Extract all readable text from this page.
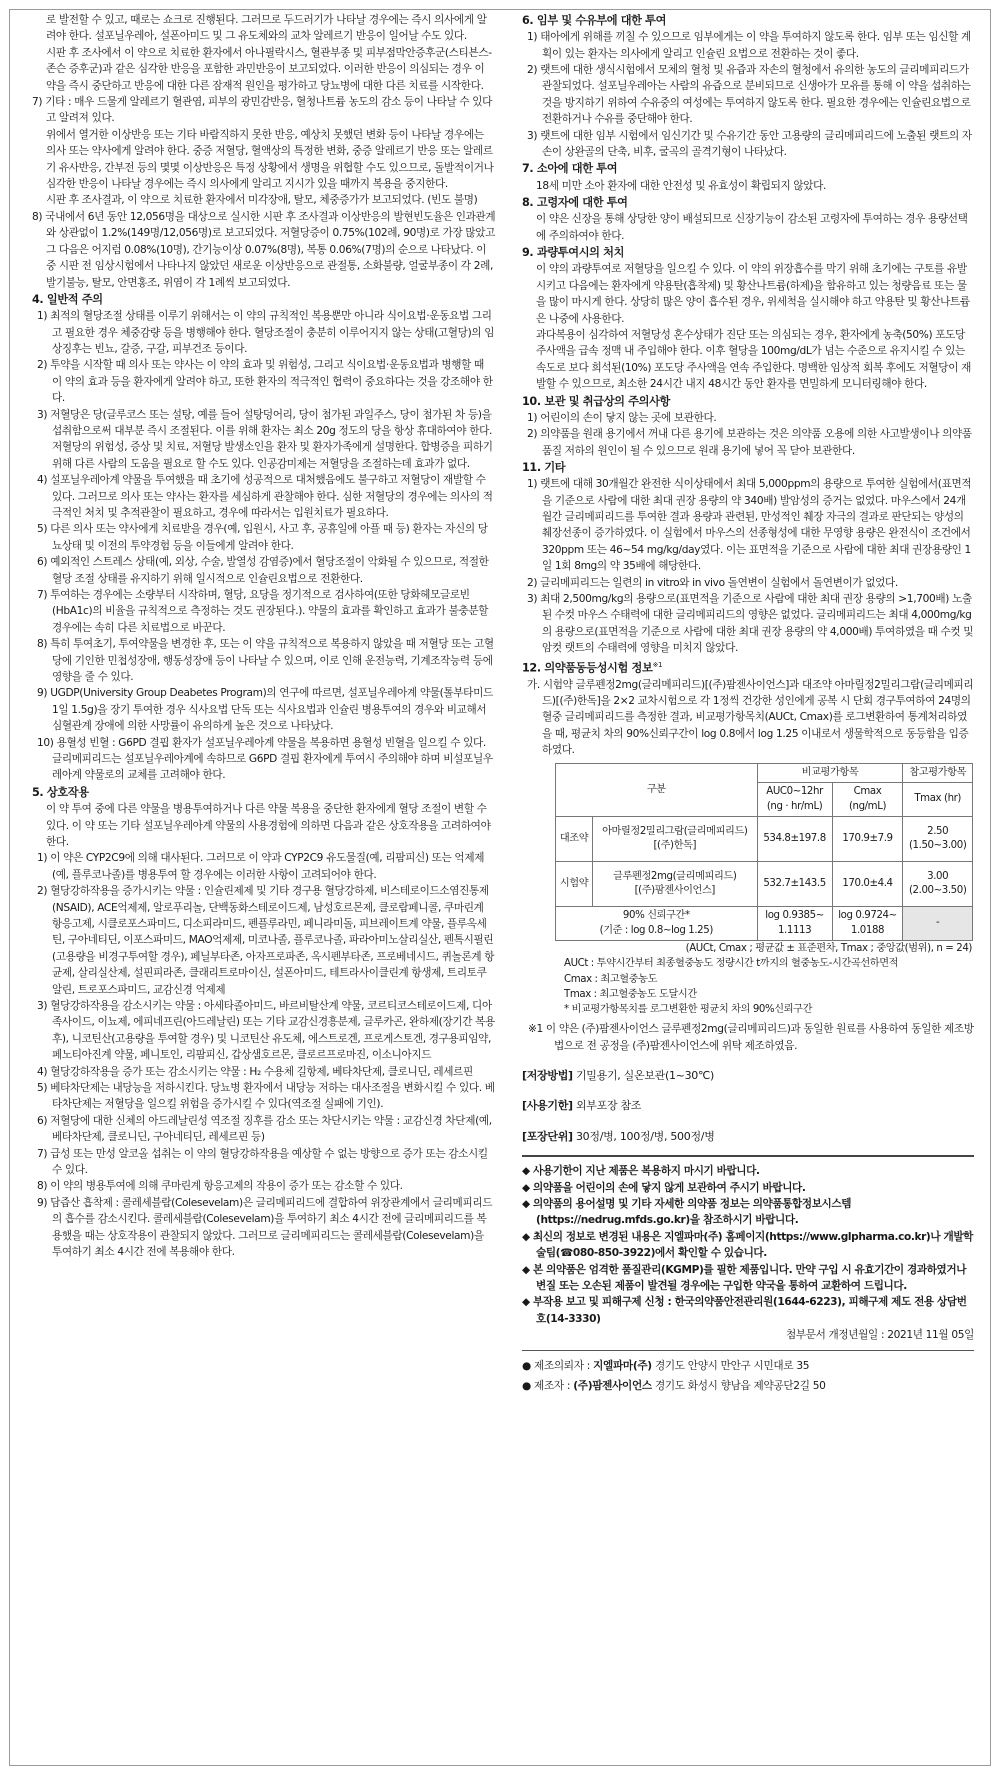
로 발전할 수 있고, 때로는 쇼크로 진행된다. 그러므로 두드러기가 나타날 경우에는 즉시 의사에게 알려야 한다. 설포닐우레아, 설폰아미드 및 그 유도체와의 교차 알레르기 반응이 일어날 수도 있다.

시판 후 조사에서 이 약으로 치료한 환자에서 아나필락시스, 혈관부종 및 피부점막안증후군(스티븐스-존슨 증후군)과 같은 심각한 반응을 포함한 과민반응이 보고되었다. 이러한 반응이 의심되는 경우 이 약을 즉시 중단하고 반응에 대한 다른 잠재적 원인을 평가하고 당뇨병에 대한 다른 치료를 시작한다.

7) 기타 : 매우 드물게 알레르기 혈관염, 피부의 광민감반응, 혈청나트륨 농도의 감소 등이 나타날 수 있다고 알려져 있다.

위에서 열거한 이상반응 또는 기타 바람직하지 못한 반응, 예상치 못했던 변화 등이 나타날 경우에는 의사 또는 약사에게 알려야 한다. 중증 저혈당, 혈액상의 특정한 변화, 중증 알레르기 반응 또는 알레르기 유사반응, 간부전 등의 몇몇 이상반응은 특정 상황에서 생명을 위협할 수도 있으므로, 돌발적이거나 심각한 반응이 나타날 경우에는 즉시 의사에게 알리고 지시가 있을 때까지 복용을 중지한다.

시판 후 조사결과, 이 약으로 치료한 환자에서 미각장애, 탈모, 체중증가가 보고되었다. (빈도 불명)

8) 국내에서 6년 동안 12,056명을 대상으로 실시한 시판 후 조사결과 이상반응의 발현빈도율은 인과관계와 상관없이 1.2%(149명/12,056명)로 보고되었다. 저혈당증이 0.75%(102례, 90명)로 가장 많았고 그 다음은 어지럼 0.08%(10명), 간기능이상 0.07%(8명), 복통 0.06%(7명)의 순으로 나타났다. 이중 시판 전 임상시험에서 나타나지 않았던 새로운 이상반응으로 관절통, 소화불량, 얼굴부종이 각 2례, 발기불능, 탈모, 안면홍조, 위염이 각 1례씩 보고되었다.

4. 일반적 주의

1) 최적의 혈당조절 상태를 이루기 위해서는 이 약의 규칙적인 복용뿐만 아니라 식이요법·운동요법 그리고 필요한 경우 체중감량 등을 병행해야 한다. 혈당조절이 충분히 이루어지지 않는 상태(고혈당)의 임상징후는 빈뇨, 갈증, 구갈, 피부건조 등이다.

2) 투약을 시작할 때 의사 또는 약사는 이 약의 효과 및 위험성, 그리고 식이요법·운동요법과 병행할 때 이 약의 효과 등을 환자에게 알려야 하고, 또한 환자의 적극적인 협력이 중요하다는 것을 강조해야 한다.

3) 저혈당은 당(글루코스 또는 설탕, 예를 들어 설탕덩어리, 당이 첨가된 과일주스, 당이 첨가된 차 등)을 섭취함으로써 대부분 즉시 조절된다. 이를 위해 환자는 최소 20g 정도의 당을 항상 휴대하여야 한다. 저혈당의 위험성, 증상 및 치료, 저혈당 발생소인을 환자 및 환자가족에게 설명한다. 합병증을 피하기 위해 다른 사람의 도움을 필요로 할 수도 있다. 인공감미제는 저혈당을 조절하는데 효과가 없다.

4) 설포닐우레아계 약물을 투여했을 때 초기에 성공적으로 대처했음에도 불구하고 저혈당이 재발할 수 있다. 그러므로 의사 또는 약사는 환자를 세심하게 관찰해야 한다. 심한 저혈당의 경우에는 의사의 적극적인 처치 및 추적관찰이 필요하고, 경우에 따라서는 입원치료가 필요하다.

5) 다른 의사 또는 약사에게 치료받을 경우(예, 입원시, 사고 후, 공휴일에 아플 때 등) 환자는 자신의 당뇨상태 및 이전의 투약경험 등을 이들에게 알려야 한다.

6) 예외적인 스트레스 상태(예, 외상, 수술, 발열성 감염증)에서 혈당조절이 악화될 수 있으므로, 적절한 혈당 조절 상태를 유지하기 위해 일시적으로 인슐린요법으로 전환한다.

7) 투여하는 경우에는 소량부터 시작하며, 혈당, 요당을 정기적으로 검사하여(또한 당화헤모글로빈(HbA1c)의 비율을 규칙적으로 측정하는 것도 권장된다.). 약물의 효과를 확인하고 효과가 불충분할 경우에는 속히 다른 치료법으로 바꾼다.

8) 특히 투여초기, 투여약물을 변경한 후, 또는 이 약을 규칙적으로 복용하지 않았을 때 저혈당 또는 고혈당에 기인한 민첩성장애, 행동성장애 등이 나타날 수 있으며, 이로 인해 운전능력, 기계조작능력 등에 영향을 줄 수 있다.

9) UGDP(University Group Deabetes Program)의 연구에 따르면, 설포닐우레아계 약물(톨부타미드 1일 1.5g)을 장기 투여한 경우 식사요법 단독 또는 식사요법과 인슐린 병용투여의 경우와 비교해서 심혈관계 장애에 의한 사망률이 유의하게 높은 것으로 나타났다.

10) 용혈성 빈혈 : G6PD 결핍 환자가 설포닐우레아계 약물을 복용하면 용혈성 빈혈을 일으킬 수 있다. 글리메피리드는 설포닐우레아계에 속하므로 G6PD 결핍 환자에게 투여시 주의해야 하며 비설포닐우레아계 약물로의 교체를 고려해야 한다.

5. 상호작용

이 약 투여 중에 다른 약물을 병용투여하거나 다른 약물 복용을 중단한 환자에게 혈당 조절이 변할 수 있다. 이 약 또는 기타 설포닐우레아계 약물의 사용경험에 의하면 다음과 같은 상호작용을 고려하여야 한다.

1) 이 약은 CYP2C9에 의해 대사된다. 그러므로 이 약과 CYP2C9 유도물질(예, 리팜피신) 또는 억제제(예, 플루코나졸)를 병용투여 할 경우에는 이러한 사항이 고려되어야 한다.

2) 혈당강하작용을 증가시키는 약물 : 인슐린제제 및 기타 경구용 혈당강하제, 비스테로이드소염진통제(NSAID), ACE억제제, 알로푸리놀, 단백동화스테로이드제, 남성호르몬제, 클로람페니콜, 쿠마린계 항응고제, 시클로포스파미드, 디소피라미드, 펜플루라민, 페니라미돌, 피브레이트계 약물, 플루옥세틴, 구아네티딘, 이포스파미드, MAO억제제, 미코나졸, 플루코나졸, 파라아미노살리실산, 펜톡시필린(고용량을 비경구투여할 경우), 페닐부타존, 아자프로파존, 옥시펜부타존, 프로베네시드, 퀴놀론계 항균제, 살리실산제, 설핀피라존, 클래리트로마이신, 설폰아미드, 테트라사이클린계 항생제, 트리토쿠알린, 트로포스파미드, 교감신경 억제제

3) 혈당강하작용을 감소시키는 약물 : 아세타졸아미드, 바르비탈산계 약물, 코르티코스테로이드제, 디아족사이드, 이뇨제, 에피네프린(아드레날린) 또는 기타 교감신경흥분제, 글루카곤, 완하제(장기간 복용후), 니코틴산(고용량을 투여할 경우) 및 니코틴산 유도체, 에스트로겐, 프로게스토겐, 경구용피임약, 페노티아진계 약물, 페니토인, 리팜피신, 갑상샘호르몬, 클로르프로마진, 이소니아지드

4) 혈당강하작용을 증가 또는 감소시키는 약물 : H₂ 수용체 길항제, 베타차단제, 클로니딘, 레세르핀

5) 베타차단제는 내당능을 저하시킨다. 당뇨병 환자에서 내당능 저하는 대사조절을 변화시킬 수 있다. 베타차단제는 저혈당을 일으킬 위험을 증가시킬 수 있다(역조절 실패에 기인).

6) 저혈당에 대한 신체의 아드레날린성 역조절 징후를 감소 또는 차단시키는 약물 : 교감신경 차단제(예, 베타차단제, 클로니딘, 구아네티딘, 레세르핀 등)

7) 급성 또는 만성 알코올 섭취는 이 약의 혈당강하작용을 예상할 수 없는 방향으로 증가 또는 감소시킬 수 있다.

8) 이 약의 병용투여에 의해 쿠마린계 항응고제의 작용이 증가 또는 감소할 수 있다.

9) 담즙산 흡착제 : 콜레세블람(Colesevelam)은 글리메피리드에 결합하여 위장관계에서 글리메피리드의 흡수를 감소시킨다. 콜레세블람(Colesevelam)을 투여하기 최소 4시간 전에 글리메피리드를 복용했을 때는 상호작용이 관찰되지 않았다. 그러므로 글리메피리드는 콜레세블람(Colesevelam)을 투여하기 최소 4시간 전에 복용해야 한다.

6. 임부 및 수유부에 대한 투여

1) 태아에게 위해를 끼칠 수 있으므로 임부에게는 이 약을 투여하지 않도록 한다. 임부 또는 임신할 계획이 있는 환자는 의사에게 알리고 인슐린 요법으로 전환하는 것이 좋다.

2) 랫트에 대한 생식시험에서 모체의 혈청 및 유즙과 자손의 혈청에서 유의한 농도의 글리메피리드가 관찰되었다. 설포닐우레아는 사람의 유즙으로 분비되므로 신생아가 모유를 통해 이 약을 섭취하는 것을 방지하기 위하여 수유중의 여성에는 투여하지 않도록 한다. 필요한 경우에는 인슐린요법으로 전환하거나 수유를 중단해야 한다.

3) 랫트에 대한 임부 시험에서 임신기간 및 수유기간 동안 고용량의 글리메피리드에 노출된 랫트의 자손이 상완골의 단축, 비후, 굴곡의 골격기형이 나타났다.

7. 소아에 대한 투여

18세 미만 소아 환자에 대한 안전성 및 유효성이 확립되지 않았다.

8. 고령자에 대한 투여

이 약은 신장을 통해 상당한 양이 배설되므로 신장기능이 감소된 고령자에 투여하는 경우 용량선택에 주의하여야 한다.

9. 과량투여시의 처치

이 약의 과량투여로 저혈당을 일으킬 수 있다. 이 약의 위장흡수를 막기 위해 초기에는 구토를 유발시키고 다음에는 환자에게 약용탄(흡착제) 및 황산나트륨(하제)을 함유하고 있는 청량음료 또는 물을 많이 마시게 한다. 상당히 많은 양이 흡수된 경우, 위세척을 실시해야 하고 약용탄 및 황산나트륨은 나중에 사용한다.

과다복용이 심각하여 저혈당성 혼수상태가 진단 또는 의심되는 경우, 환자에게 농축(50%) 포도당 주사액을 급속 정맥 내 주입해야 한다. 이후 혈당을 100mg/dL가 넘는 수준으로 유지시킬 수 있는 속도로 보다 희석된(10%) 포도당 주사액을 연속 주입한다. 명백한 임상적 회복 후에도 저혈당이 재발할 수 있으므로, 최소한 24시간 내지 48시간 동안 환자를 면밀하게 모니터링해야 한다.

10. 보관 및 취급상의 주의사항

1) 어린이의 손이 닿지 않는 곳에 보관한다.

2) 의약품을 원래 용기에서 꺼내 다른 용기에 보관하는 것은 의약품 오용에 의한 사고발생이나 의약품 품질 저하의 원인이 될 수 있으므로 원래 용기에 넣어 꼭 닫아 보관한다.

11. 기타

1) 랫트에 대해 30개월간 완전한 식이상태에서 최대 5,000ppm의 용량으로 투여한 실험에서(표면적을 기준으로 사람에 대한 최대 권장 용량의 약 340배) 발암성의 증거는 없었다. 마우스에서 24개월간 글리메피리드를 투여한 결과 용량과 관련된, 만성적인 췌장 자극의 결과로 판단되는 양성의 췌장선종이 증가하였다. 이 실험에서 마우스의 선종형성에 대한 무영향 용량은 완전식이 조건에서 320ppm 또는 46~54 mg/kg/day였다. 이는 표면적을 기준으로 사람에 대한 최대 권장용량인 1일 1회 8mg의 약 35배에 해당한다.

2) 글리메피리드는 일련의 in vitro와 in vivo 돌연변이 실험에서 돌연변이가 없었다.

3) 최대 2,500mg/kg의 용량으로(표면적을 기준으로 사람에 대한 최대 권장 용량의 >1,700배) 노출된 수컷 마우스 수태력에 대한 글리메피리드의 영향은 없었다. 글리메피리드는 최대 4,000mg/kg의 용량으로(표면적을 기준으로 사람에 대한 최대 권장 용량의 약 4,000배) 투여하였을 때 수컷 및 암컷 랫트의 수태력에 영향을 미치지 않았다.

12. 의약품동등성시험 정보$^{※1}$

가. 시험약 글루펜정2mg(글리메피리드)[(주)팜젠사이언스]과 대조약 아마릴정2밀리그람(글리메피리드)[(주)한독]을 2×2 교차시험으로 각 1정씩 건강한 성인에게 공복 시 단회 경구투여하여 24명의 혈중 글리메피리드를 측정한 결과, 비교평가항목치(AUCt, Cmax)를 로그변환하여 통계처리하였을 때, 평균치 차의 90%신뢰구간이 log 0.8에서 log 1.25 이내로서 생물학적으로 동등함을 입증하였다.

구분		비교평가항목		참고평가항목
		AUC0~12hr
(ng · hr/mL)	Cmax
(ng/mL)	Tmax (hr)
대조약	아마릴정2밀리그람(글리메피리드)
[(주)한독]	534.8±197.8	170.9±7.9	2.50
(1.50~3.00)
시험약	글루펜정2mg(글리메피리드)
[(주)팜젠사이언스]	532.7±143.5	170.0±4.4	3.00
(2.00~3.50)
90% 신뢰구간*
(기준 : log 0.8~log 1.25)		log 0.9385~
1.1113	log 0.9724~
1.0188	-

(AUCt, Cmax ; 평균값 ± 표준편차, Tmax ; 중앙값(범위), n = 24)

AUCt : 투약시간부터 최종혈중농도 정량시간 t까지의 혈중농도-시간곡선하면적

Cmax : 최고혈중농도

Tmax : 최고혈중농도 도달시간

* 비교평가항목치를 로그변환한 평균치 차의 90%신뢰구간

※1 이 약은 (주)팜젠사이언스 글루펜정2mg(글리메피리드)과 동일한 원료를 사용하여 동일한 제조방법으로 전 공정을 (주)팜젠사이언스에 위탁 제조하였음.

[저장방법] 기밀용기, 실온보관(1~30℃)

[사용기한] 외부포장 참조

[포장단위] 30정/병, 100정/병, 500정/병

◆ 사용기한이 지난 제품은 복용하지 마시기 바랍니다.

◆ 의약품을 어린이의 손에 닿지 않게 보관하여 주시기 바랍니다.

◆ 의약품의 용어설명 및 기타 자세한 의약품 정보는 의약품통합정보시스템(https://nedrug.mfds.go.kr)을 참조하시기 바랍니다.

◆ 최신의 정보로 변경된 내용은 지엘파마(주) 홈페이지(https://www.glpharma.co.kr)나 개발학술팀(☎080-850-3922)에서 확인할 수 있습니다.

◆ 본 의약품은 엄격한 품질관리(KGMP)를 필한 제품입니다. 만약 구입 시 유효기간이 경과하였거나 변질 또는 오손된 제품이 발견될 경우에는 구입한 약국을 통하여 교환하여 드립니다.

◆ 부작용 보고 및 피해구제 신청 : 한국의약품안전관리원(1644-6223), 피해구제 제도 전용 상담번호(14-3330)

첨부문서 개정년월일 : 2021년 11월 05일

● 제조의뢰자 : 지엘파마(주) 경기도 안양시 만안구 시민대로 35

● 제조자 : (주)팜젠사이언스 경기도 화성시 향남읍 제약공단2길 50
